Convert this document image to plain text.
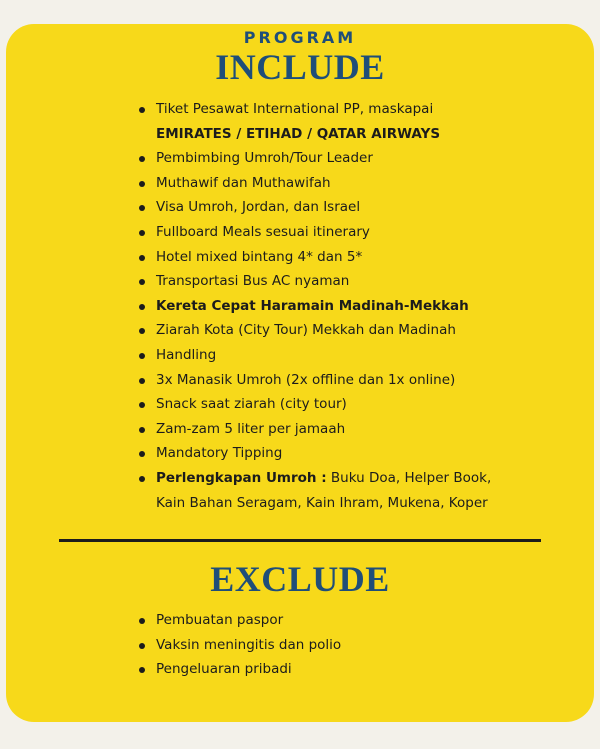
PROGRAM
INCLUDE
Tiket Pesawat International PP, maskapai
EMIRATES / ETIHAD / QATAR AIRWAYS
Pembimbing Umroh/Tour Leader
Muthawif dan Muthawifah
Visa Umroh, Jordan, dan Israel
Fullboard Meals sesuai itinerary
Hotel mixed bintang 4* dan 5*
Transportasi Bus AC nyaman
Kereta Cepat Haramain Madinah-Mekkah
Ziarah Kota (City Tour) Mekkah dan Madinah
Handling
3x Manasik Umroh (2x offline dan 1x online)
Snack saat ziarah (city tour)
Zam-zam 5 liter per jamaah
Mandatory Tipping
Perlengkapan Umroh : Buku Doa, Helper Book,
Kain Bahan Seragam, Kain Ihram, Mukena, Koper
EXCLUDE
Pembuatan paspor
Vaksin meningitis dan polio
Pengeluaran pribadi
